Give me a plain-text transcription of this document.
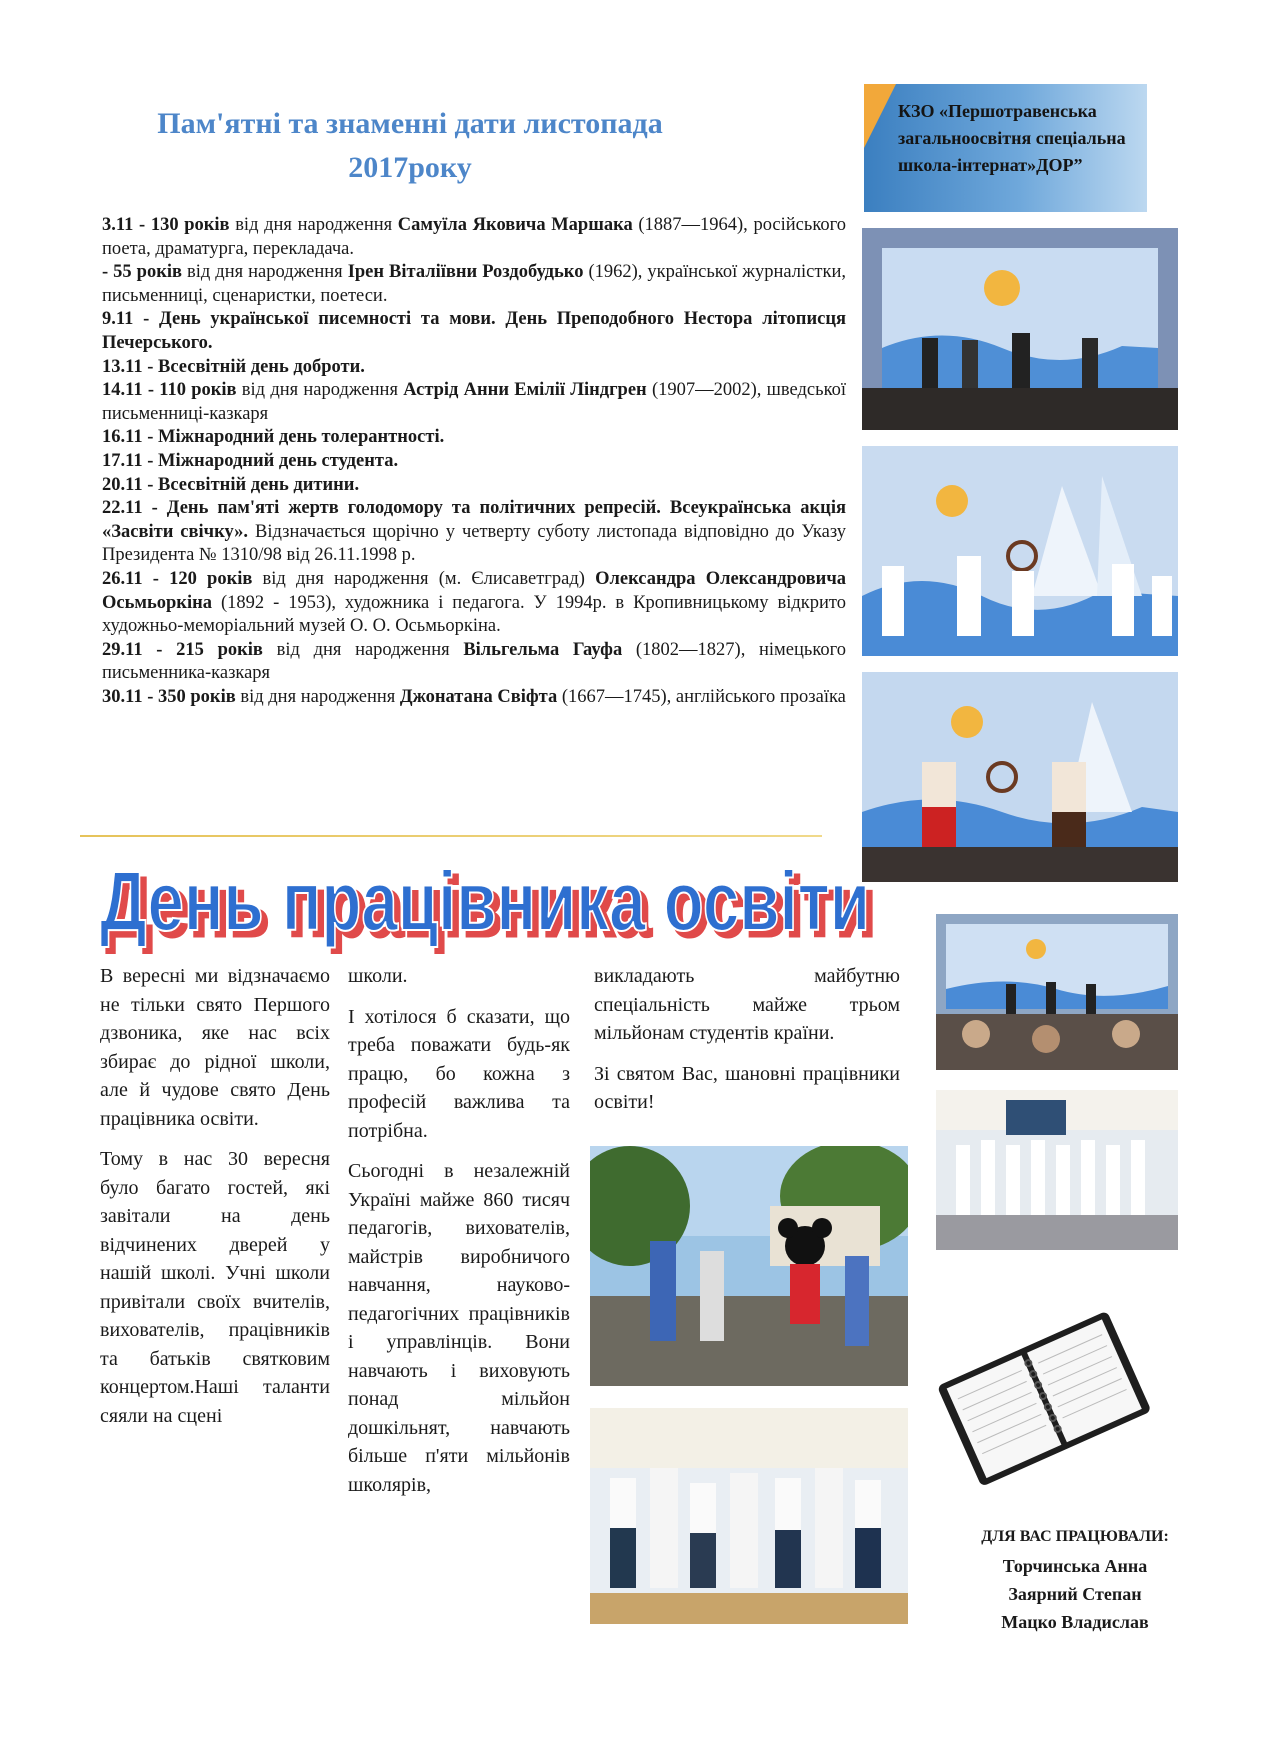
Пам'ятні та знаменні дати листопада 2017року

3.11 - 130 років від дня народження Самуїла Яковича Маршака (1887—1964), російського поета, драматурга, перекладача.

- 55 років від дня народження Ірен Віталіївни Роздобудько (1962), української журналістки, письменниці, сценаристки, поетеси.

9.11 - День української писемності та мови. День Преподобного Нестора літописця Печерського.

13.11 - Всесвітній день доброти.

14.11 - 110 років від дня народження Астрід Анни Емілії Ліндгрен (1907—2002), шведської письменниці-казкаря

16.11 - Міжнародний день толерантності.

17.11 - Міжнародний день студента.

20.11 - Всесвітній день дитини.

22.11 - День пам'яті жертв голодомору та політичних репресій. Всеукраїнська акція «Засвіти свічку». Відзначається щорічно у четверту суботу листопада відповідно до Указу Президента № 1310/98 від 26.11.1998 р.

26.11 - 120 років від дня народження (м. Єлисаветград) Олександра Олександровича Осьмьоркіна (1892 - 1953), художника і педагога. У 1994р. в Кропивницькому відкрито художньо-меморіальний музей О. О. Осьмьоркіна.

29.11 - 215 років від дня народження Вільгельма Гауфа (1802—1827), німецького письменника-казкаря

30.11 - 350 років від дня народження Джонатана Свіфта (1667—1745), англійського прозаїка

КЗО «Першотравенська загальноосвітня спеціальна школа-інтернат»ДОР”
День працівника освіти
День працівника освіти

В вересні ми відзначаємо не тільки свято Першого дзвоника, яке нас всіх збирає до рідної школи, але й чудове свято День працівника освіти.

Тому в нас 30 вересня було багато гостей, які завітали на день відчинених дверей у нашій школі. Учні школи привітали своїх вчителів, вихователів, працівників та батьків святковим концертом.Наші таланти сяяли на сцені

школи.

І хотілося б сказати, що треба поважати будь-як працю, бо кожна з професій важлива та потрібна.

Сьогодні в незалежній Україні майже 860 тисяч педагогів, вихователів, майстрів виробничого навчання, науково-педагогічних працівників і управлінців. Вони навчають і виховують понад мільйон дошкільнят, навчають більше п'яти мільйонів школярів,

викладають майбутню спеціальність майже трьом мільйонам студентів країни.

Зі святом Вас, шановні працівники освіти!

ДЛЯ ВАС ПРАЦЮВАЛИ:
Торчинська Анна
Заярний Степан
Мацко Владислав
